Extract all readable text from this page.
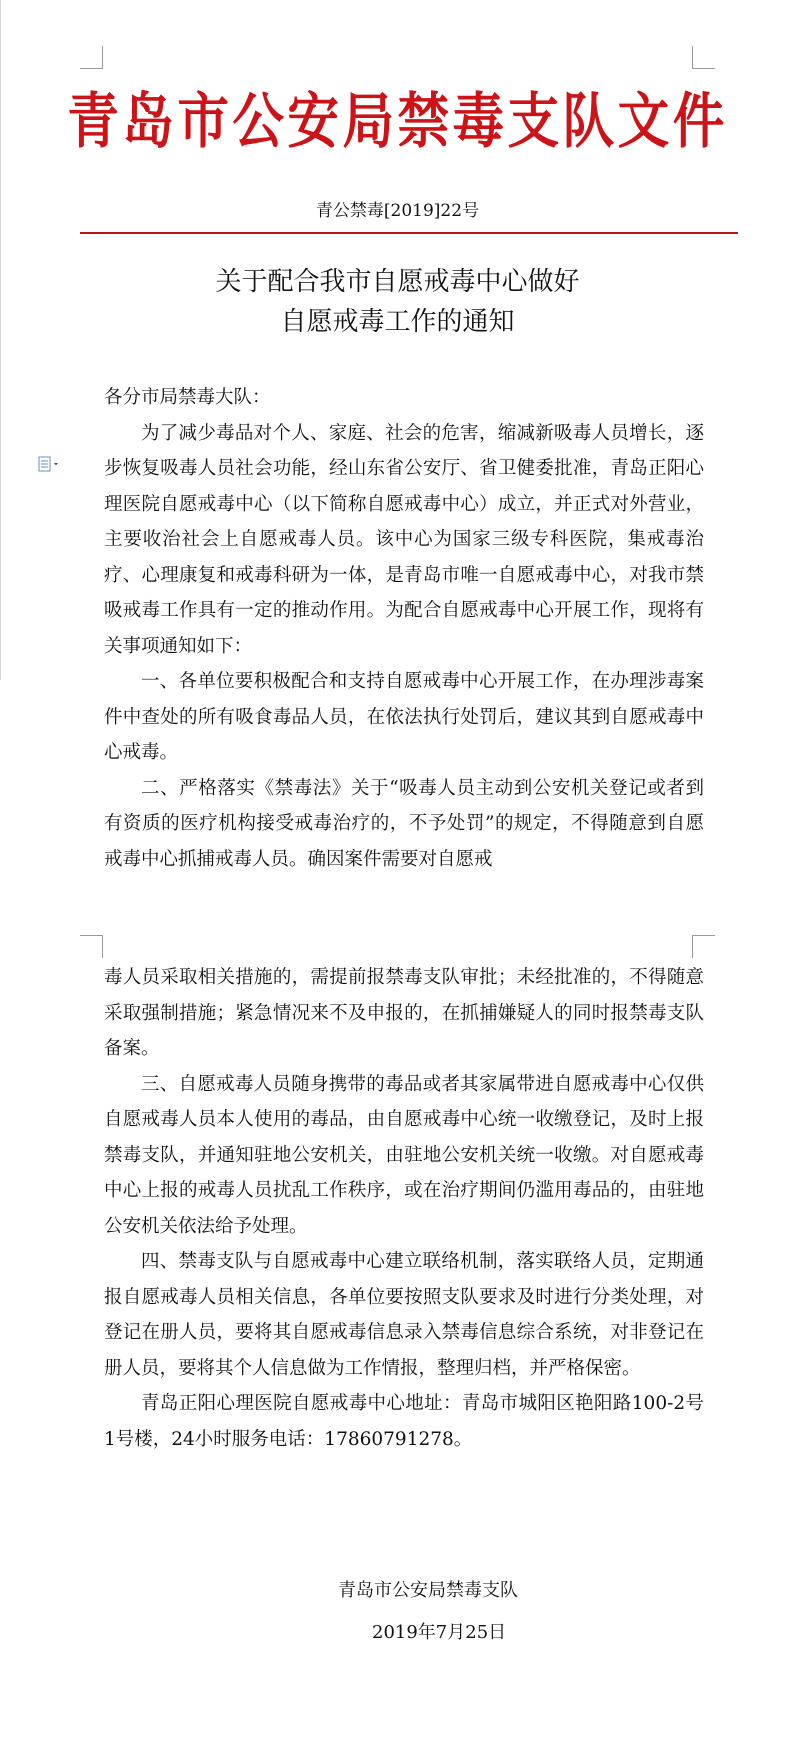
青岛市公安局禁毒支队文件
青公禁毒[2019]22号
关于配合我市自愿戒毒中心做好
自愿戒毒工作的通知

各分市局禁毒大队：

为了减少毒品对个人、家庭、社会的危害，缩减新吸毒人员增长，逐步恢复吸毒人员社会功能，经山东省公安厅、省卫健委批准，青岛正阳心理医院自愿戒毒中心（以下简称自愿戒毒中心）成立，并正式对外营业，主要收治社会上自愿戒毒人员。该中心为国家三级专科医院，集戒毒治疗、心理康复和戒毒科研为一体，是青岛市唯一自愿戒毒中心，对我市禁吸戒毒工作具有一定的推动作用。为配合自愿戒毒中心开展工作，现将有关事项通知如下：

一、各单位要积极配合和支持自愿戒毒中心开展工作，在办理涉毒案件中查处的所有吸食毒品人员，在依法执行处罚后，建议其到自愿戒毒中心戒毒。

二、严格落实《禁毒法》关于“吸毒人员主动到公安机关登记或者到有资质的医疗机构接受戒毒治疗的，不予处罚”的规定，不得随意到自愿戒毒中心抓捕戒毒人员。确因案件需要对自愿戒

毒人员采取相关措施的，需提前报禁毒支队审批；未经批准的，不得随意采取强制措施；紧急情况来不及申报的，在抓捕嫌疑人的同时报禁毒支队备案。

三、自愿戒毒人员随身携带的毒品或者其家属带进自愿戒毒中心仅供自愿戒毒人员本人使用的毒品，由自愿戒毒中心统一收缴登记，及时上报禁毒支队，并通知驻地公安机关，由驻地公安机关统一收缴。对自愿戒毒中心上报的戒毒人员扰乱工作秩序，或在治疗期间仍滥用毒品的，由驻地公安机关依法给予处理。

四、禁毒支队与自愿戒毒中心建立联络机制，落实联络人员，定期通报自愿戒毒人员相关信息，各单位要按照支队要求及时进行分类处理，对登记在册人员，要将其自愿戒毒信息录入禁毒信息综合系统，对非登记在册人员，要将其个人信息做为工作情报，整理归档，并严格保密。

青岛正阳心理医院自愿戒毒中心地址：青岛市城阳区艳阳路100-2号1号楼，24小时服务电话：17860791278。

青岛市公安局禁毒支队
2019年7月25日
